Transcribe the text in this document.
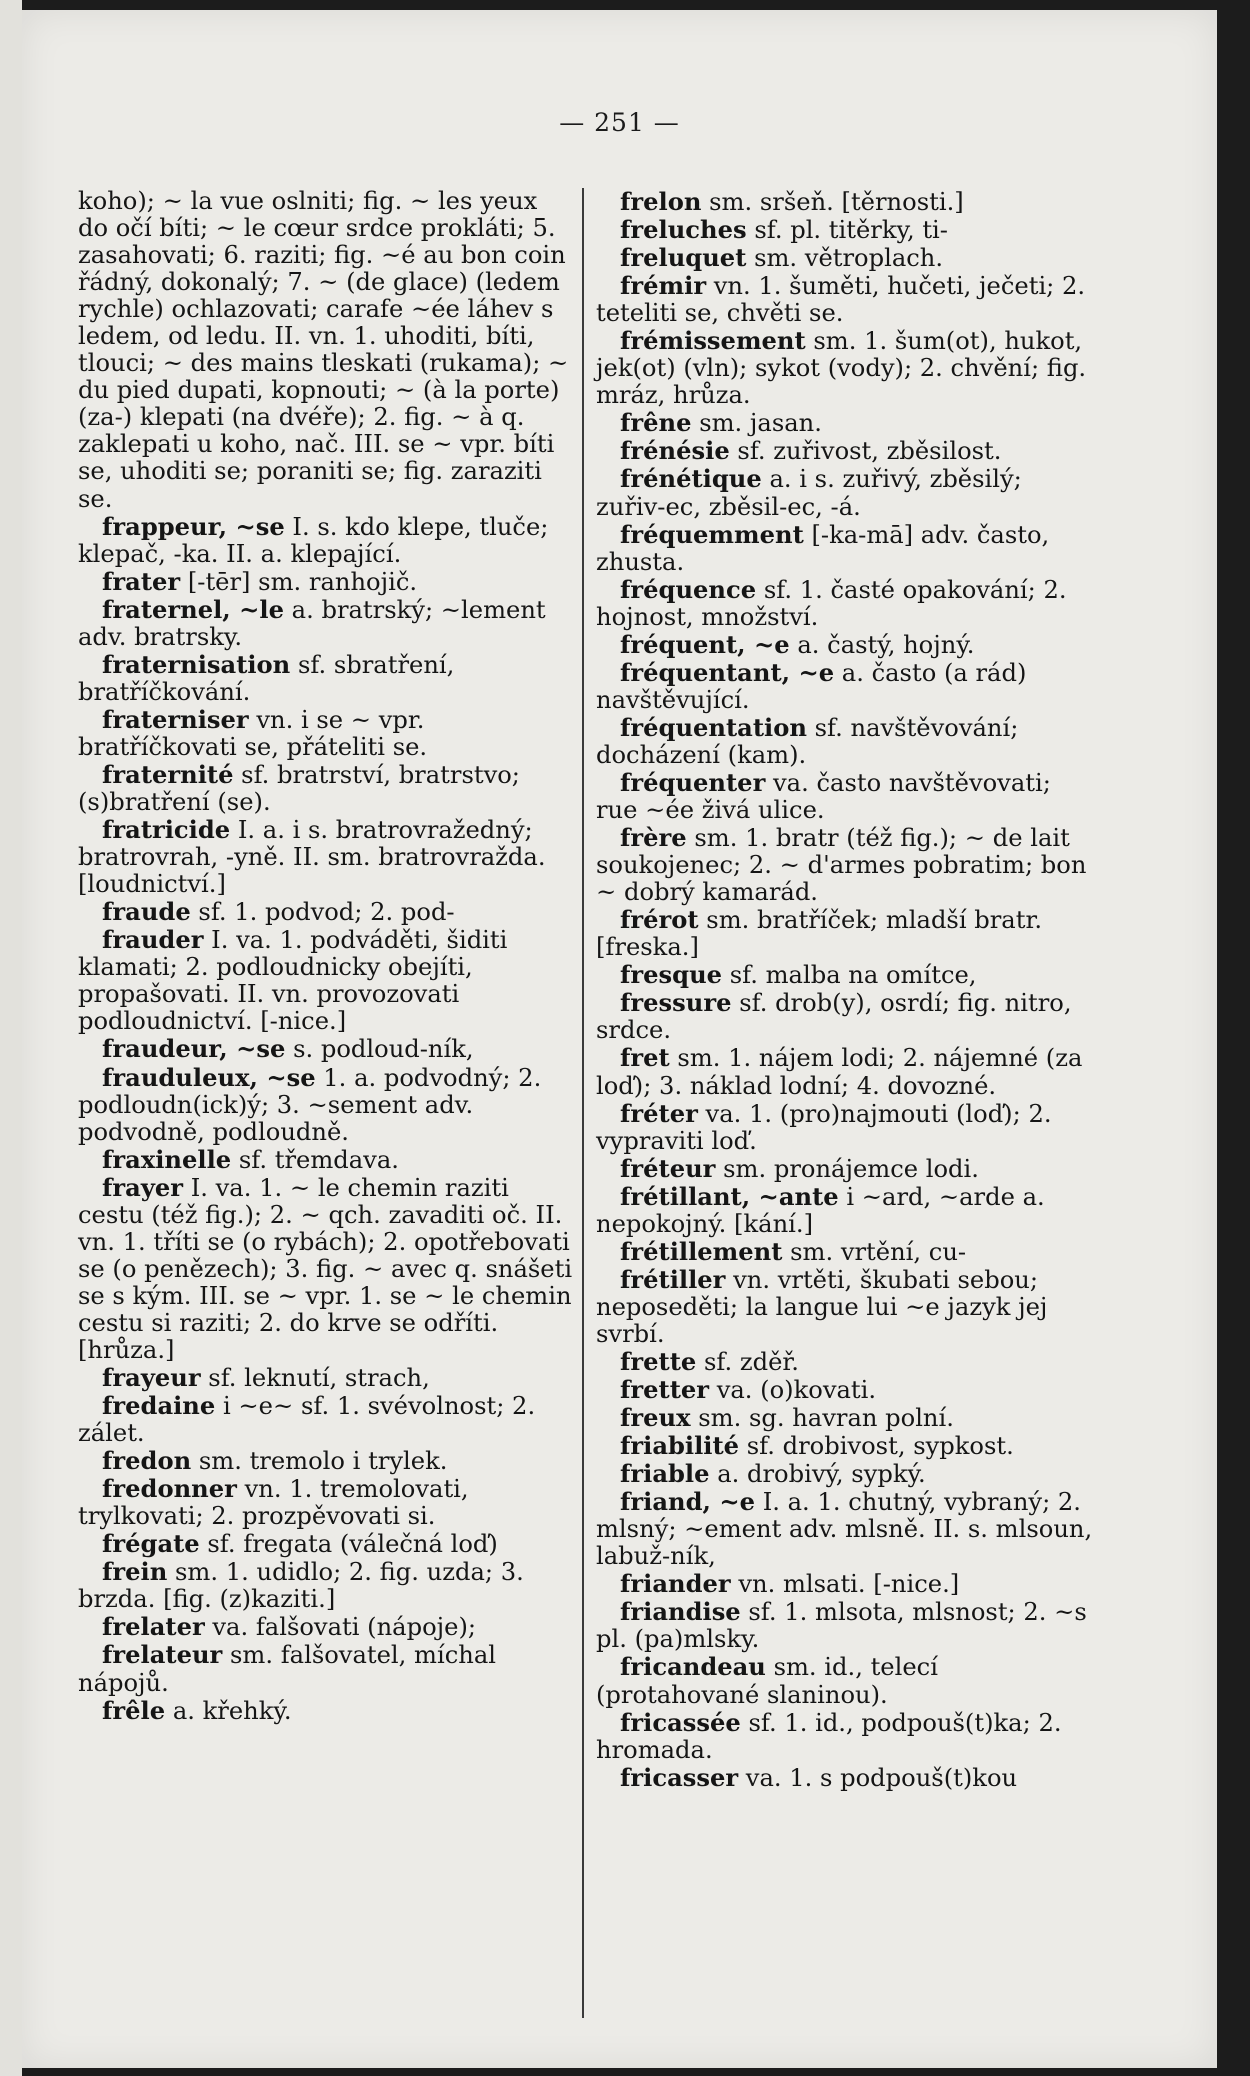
— 251 —

koho); ~ la vue oslniti; fig. ~ les yeux do očí bíti; ~ le cœur srdce prokláti; 5. zasahovati; 6. raziti; fig. ~é au bon coin řádný, dokonalý; 7. ~ (de glace) (ledem rychle) ochlazovati; carafe ~ée láhev s ledem, od ledu. II. vn. 1. uhoditi, bíti, tlouci; ~ des mains tleskati (rukama); ~ du pied dupati, kopnouti; ~ (à la porte) (za-) klepati (na dvéře); 2. fig. ~ à q. zaklepati u koho, nač. III. se ~ vpr. bíti se, uhoditi se; poraniti se; fig. zaraziti se.

frappeur, ~se I. s. kdo klepe, tluče; klepač, -ka. II. a. klepající.

frater [-tēr] sm. ranhojič.

fraternel, ~le a. bratrský; ~lement adv. bratrsky.

fraternisation sf. sbratření, bratříčkování.

fraterniser vn. i se ~ vpr. bratříčkovati se, přáteliti se.

fraternité sf. bratrství, bratrstvo; (s)bratření (se).

fratricide I. a. i s. bratrovražedný; bratrovrah, -yně. II. sm. bratrovražda. [loudnictví.]

fraude sf. 1. podvod; 2. pod-

frauder I. va. 1. podváděti, šiditi klamati; 2. podloudnicky obejíti, propašovati. II. vn. provozovati podloudnictví. [-nice.]

fraudeur, ~se s. podloud-ník,

frauduleux, ~se 1. a. podvodný; 2. podloudn(ick)ý; 3. ~sement adv. podvodně, podloudně.

fraxinelle sf. třemdava.

frayer I. va. 1. ~ le chemin raziti cestu (též fig.); 2. ~ qch. zavaditi oč. II. vn. 1. tříti se (o rybách); 2. opotřebovati se (o penězech); 3. fig. ~ avec q. snášeti se s kým. III. se ~ vpr. 1. se ~ le chemin cestu si raziti; 2. do krve se odříti. [hrůza.]

frayeur sf. leknutí, strach,

fredaine i ~e~ sf. 1. svévolnost; 2. zálet.

fredon sm. tremolo i trylek.

fredonner vn. 1. tremolovati, trylkovati; 2. prozpěvovati si.

frégate sf. fregata (válečná loď)

frein sm. 1. udidlo; 2. fig. uzda; 3. brzda. [fig. (z)kaziti.]

frelater va. falšovati (nápoje);

frelateur sm. falšovatel, míchal nápojů.

frêle a. křehký.

frelon sm. sršeň. [těrnosti.]

freluches sf. pl. titěrky, ti-

freluquet sm. větroplach.

frémir vn. 1. šuměti, hučeti, ječeti; 2. teteliti se, chvěti se.

frémissement sm. 1. šum(ot), hukot, jek(ot) (vln); sykot (vody); 2. chvění; fig. mráz, hrůza.

frêne sm. jasan.

frénésie sf. zuřivost, zběsilost.

frénétique a. i s. zuřivý, zběsilý; zuřiv-ec, zběsil-ec, -á.

fréquemment [-ka-mā] adv. často, zhusta.

fréquence sf. 1. časté opakování; 2. hojnost, množství.

fréquent, ~e a. častý, hojný.

fréquentant, ~e a. často (a rád) navštěvující.

fréquentation sf. navštěvování; docházení (kam).

fréquenter va. často navštěvovati; rue ~ée živá ulice.

frère sm. 1. bratr (též fig.); ~ de lait soukojenec; 2. ~ d'armes pobratim; bon ~ dobrý kamarád.

frérot sm. bratříček; mladší bratr. [freska.]

fresque sf. malba na omítce,

fressure sf. drob(y), osrdí; fig. nitro, srdce.

fret sm. 1. nájem lodi; 2. nájemné (za loď); 3. náklad lodní; 4. dovozné.

fréter va. 1. (pro)najmouti (loď); 2. vypraviti loď.

fréteur sm. pronájemce lodi.

frétillant, ~ante i ~ard, ~arde a. nepokojný. [kání.]

frétillement sm. vrtění, cu-

frétiller vn. vrtěti, škubati sebou; neposeděti; la langue lui ~e jazyk jej svrbí.

frette sf. zděř.

fretter va. (o)kovati.

freux sm. sg. havran polní.

friabilité sf. drobivost, sypkost.

friable a. drobivý, sypký.

friand, ~e I. a. 1. chutný, vybraný; 2. mlsný; ~ement adv. mlsně. II. s. mlsoun, labuž-ník,

friander vn. mlsati. [-nice.]

friandise sf. 1. mlsota, mlsnost; 2. ~s pl. (pa)mlsky.

fricandeau sm. id., telecí (protahované slaninou).

fricassée sf. 1. id., podpouš(t)ka; 2. hromada.

fricasser va. 1. s podpouš(t)kou
